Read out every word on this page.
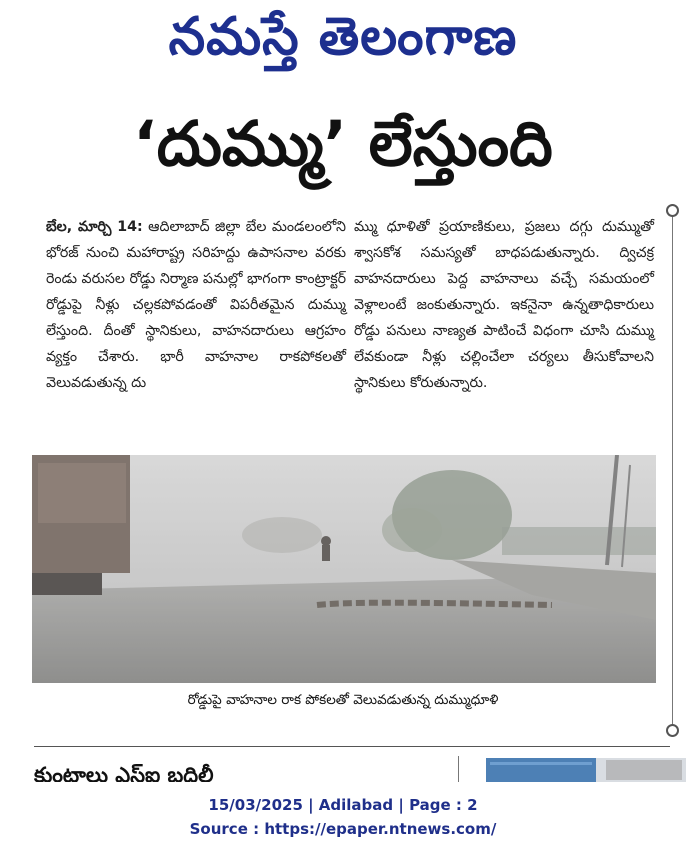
నమస్తే తెలంగాణ
‘దుమ్ము’ లేస్తుంది
బేల, మార్చి 14: ఆదిలాబాద్ జిల్లా బేల మండలంలోని భోరజ్ నుంచి మహారాష్ట్ర సరిహద్దు ఉపాసనాల వరకు రెండు వరుసల రోడ్డు నిర్మాణ పనుల్లో భాగంగా కాంట్రాక్టర్ రోడ్డుపై నీళ్లు చల్లకపోవడంతో విపరీతమైన దుమ్ము లేస్తుంది. దీంతో స్థానికులు, వాహనదారులు ఆగ్రహం వ్యక్తం చేశారు. భారీ వాహనాల రాకపోకలతో వెలువడుతున్న దు
మ్ము ధూళితో ప్రయాణికులు, ప్రజలు దగ్గు దుమ్ముతో శ్వాసకోశ సమస్యతో బాధపడుతున్నారు. ద్విచక్ర వాహనదారులు పెద్ద వాహనాలు వచ్చే సమయంలో వెళ్లాలంటే జంకుతున్నారు. ఇకనైనా ఉన్నతాధికారులు రోడ్డు పనులు నాణ్యత పాటించే విధంగా చూసి దుమ్ము లేవకుండా నీళ్లు చల్లించేలా చర్యలు తీసుకోవాలని స్థానికులు కోరుతున్నారు.
రోడ్డుపై వాహనాల రాక పోకలతో వెలువడుతున్న దుమ్ముధూళి
కుంటాలు ఎస్ఐ బదిలీ
15/03/2025 | Adilabad | Page : 2
Source : https://epaper.ntnews.com/
